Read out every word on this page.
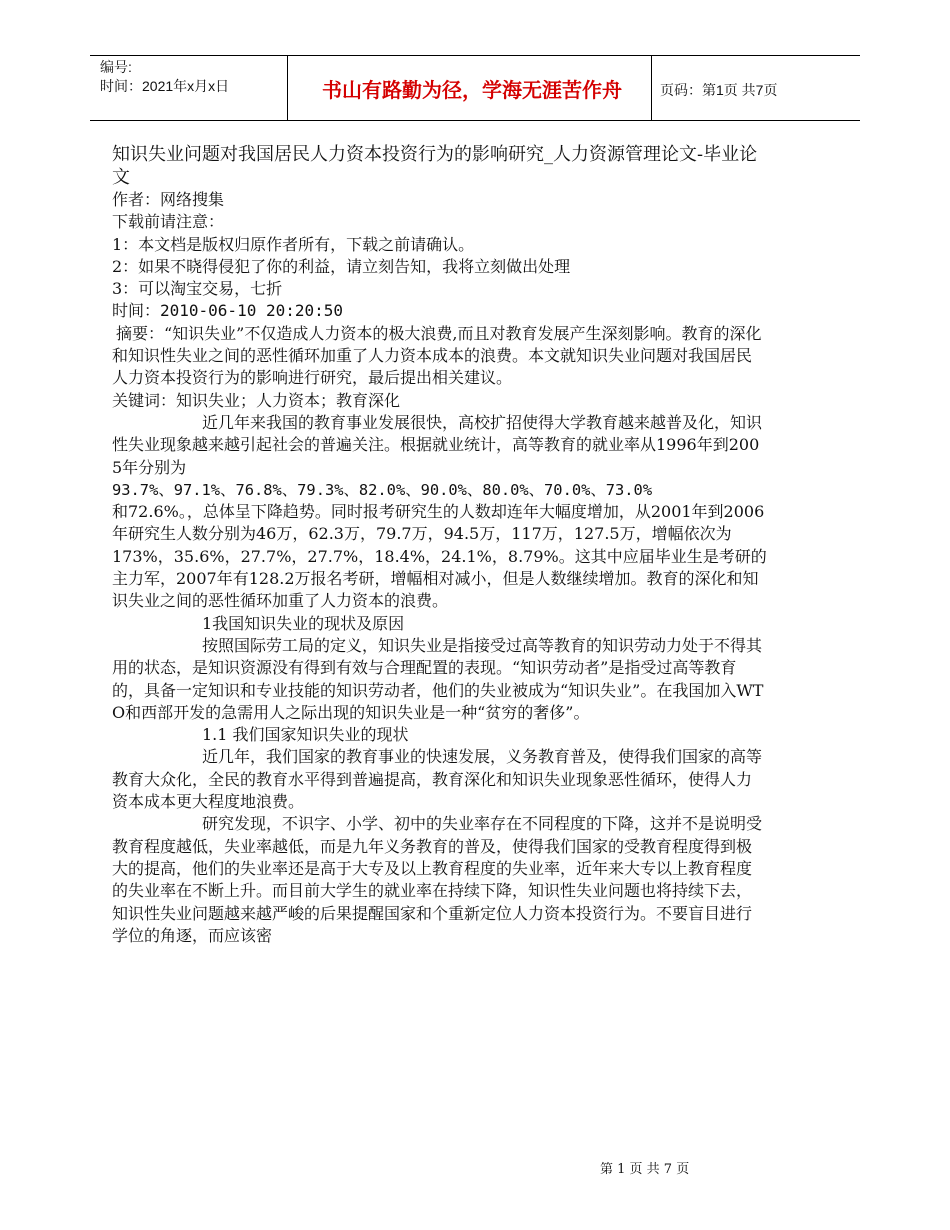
编号:
时间：2021年x月x日	书山有路勤为径，学海无涯苦作舟	页码：第1页 共7页

知识失业问题对我国居民人力资本投资行为的影响研究_人力资源管理论文-毕业论文

作者：网络搜集

下载前请注意：

1：本文档是版权归原作者所有，下载之前请确认。

2：如果不晓得侵犯了你的利益，请立刻告知，我将立刻做出处理

3：可以淘宝交易，七折

时间：2010-06-10 20:20:50

摘要：“知识失业”不仅造成人力资本的极大浪费,而且对教育发展产生深刻影响。教育的深化和知识性失业之间的恶性循环加重了人力资本成本的浪费。本文就知识失业问题对我国居民人力资本投资行为的影响进行研究，最后提出相关建议。

关键词：知识失业；人力资本；教育深化

近几年来我国的教育事业发展很快，高校扩招使得大学教育越来越普及化，知识性失业现象越来越引起社会的普遍关注。根据就业统计，高等教育的就业率从1996年到2005年分别为

93.7%、97.1%、76.8%、79.3%、82.0%、90.0%、80.0%、70.0%、73.0%

和72.6%。，总体呈下降趋势。同时报考研究生的人数却连年大幅度增加，从2001年到2006年研究生人数分别为46万，62.3万，79.7万，94.5万，117万，127.5万，增幅依次为

173%，35.6%，27.7%，27.7%，18.4%，24.1%，8.79%。这其中应届毕业生是考研的主力军，2007年有128.2万报名考研，增幅相对减小，但是人数继续增加。教育的深化和知识失业之间的恶性循环加重了人力资本的浪费。

1我国知识失业的现状及原因

按照国际劳工局的定义，知识失业是指接受过高等教育的知识劳动力处于不得其用的状态，是知识资源没有得到有效与合理配置的表现。“知识劳动者”是指受过高等教育的，具备一定知识和专业技能的知识劳动者，他们的失业被成为“知识失业”。在我国加入WTO和西部开发的急需用人之际出现的知识失业是一种“贫穷的奢侈”。

1.1 我们国家知识失业的现状

近几年，我们国家的教育事业的快速发展，义务教育普及，使得我们国家的高等教育大众化，全民的教育水平得到普遍提高，教育深化和知识失业现象恶性循环，使得人力资本成本更大程度地浪费。

研究发现，不识字、小学、初中的失业率存在不同程度的下降，这并不是说明受教育程度越低，失业率越低，而是九年义务教育的普及，使得我们国家的受教育程度得到极大的提高，他们的失业率还是高于大专及以上教育程度的失业率，近年来大专以上教育程度的失业率在不断上升。而目前大学生的就业率在持续下降，知识性失业问题也将持续下去，知识性失业问题越来越严峻的后果提醒国家和个重新定位人力资本投资行为。不要盲目进行学位的角逐，而应该密

第 1 页 共 7 页
